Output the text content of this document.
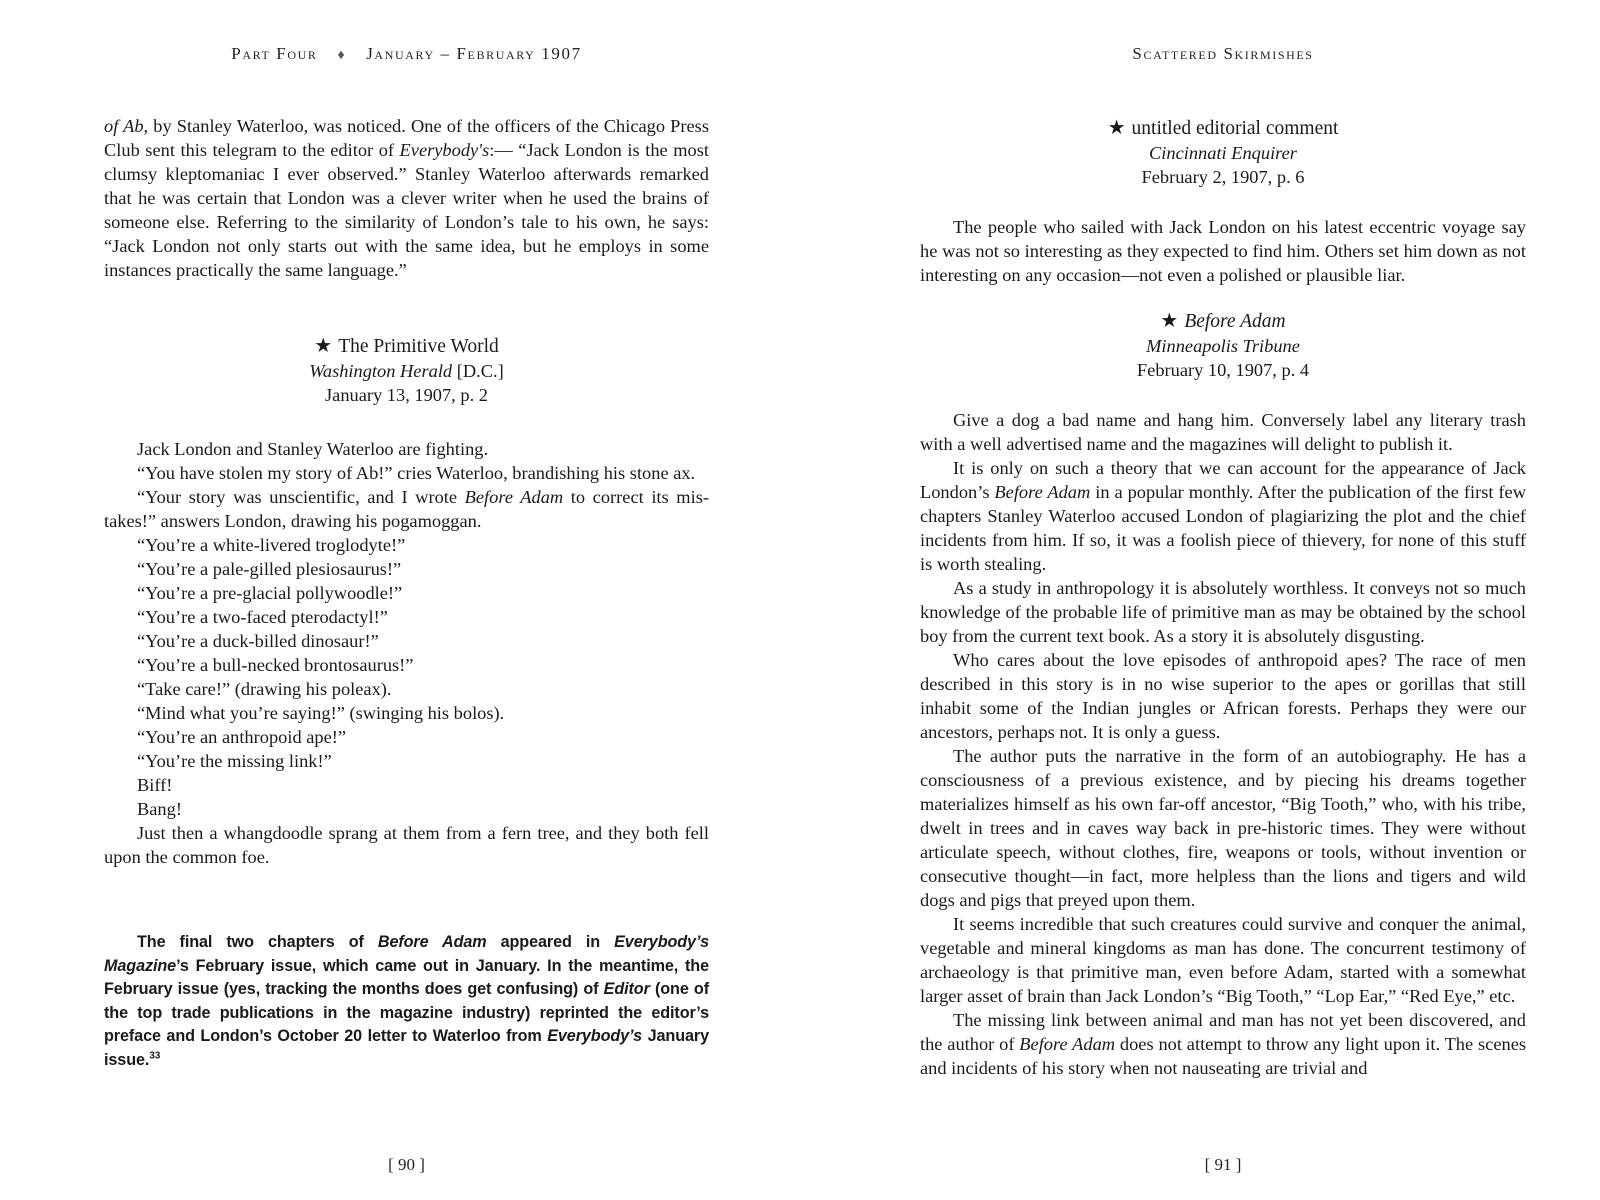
Part Four ♦ January – February 1907

of Ab, by Stanley Waterloo, was noticed. One of the officers of the Chicago Press Club sent this telegram to the editor of Everybody's:— “Jack London is the most clumsy kleptomaniac I ever observed.” Stanley Waterloo afterwards remarked that he was certain that London was a clever writer when he used the brains of someone else. Referring to the similarity of London’s tale to his own, he says: “Jack London not only starts out with the same idea, but he employs in some instances practically the same language.”

★ The Primitive World
Washington Herald [D.C.]
January 13, 1907, p. 2

Jack London and Stanley Waterloo are fighting.

“You have stolen my story of Ab!” cries Waterloo, brandishing his stone ax.

“Your story was unscientific, and I wrote Before Adam to correct its mistakes!” answers London, drawing his pogamoggan.

“You’re a white-livered troglodyte!”

“You’re a pale-gilled plesiosaurus!”

“You’re a pre-glacial pollywoodle!”

“You’re a two-faced pterodactyl!”

“You’re a duck-billed dinosaur!”

“You’re a bull-necked brontosaurus!”

“Take care!” (drawing his poleax).

“Mind what you’re saying!” (swinging his bolos).

“You’re an anthropoid ape!”

“You’re the missing link!”

Biff!

Bang!

Just then a whangdoodle sprang at them from a fern tree, and they both fell upon the common foe.

The final two chapters of Before Adam appeared in Everybody’s Magazine’s February issue, which came out in January. In the meantime, the February issue (yes, tracking the months does get confusing) of Editor (one of the top trade publications in the magazine industry) reprinted the editor’s preface and London’s October 20 letter to Waterloo from Everybody’s January issue.$^{33}$

[ 90 ]
Scattered Skirmishes
★ untitled editorial comment
Cincinnati Enquirer
February 2, 1907, p. 6

The people who sailed with Jack London on his latest eccentric voyage say he was not so interesting as they expected to find him. Others set him down as not interesting on any occasion—not even a polished or plausible liar.

★ Before Adam
Minneapolis Tribune
February 10, 1907, p. 4

Give a dog a bad name and hang him. Conversely label any literary trash with a well advertised name and the magazines will delight to publish it.

It is only on such a theory that we can account for the appearance of Jack London’s Before Adam in a popular monthly. After the publication of the first few chapters Stanley Waterloo accused London of plagiarizing the plot and the chief incidents from him. If so, it was a foolish piece of thievery, for none of this stuff is worth stealing.

As a study in anthropology it is absolutely worthless. It conveys not so much knowledge of the probable life of primitive man as may be obtained by the school boy from the current text book. As a story it is absolutely disgusting.

Who cares about the love episodes of anthropoid apes? The race of men described in this story is in no wise superior to the apes or gorillas that still inhabit some of the Indian jungles or African forests. Perhaps they were our ancestors, perhaps not. It is only a guess.

The author puts the narrative in the form of an autobiography. He has a consciousness of a previous existence, and by piecing his dreams together materializes himself as his own far-off ancestor, “Big Tooth,” who, with his tribe, dwelt in trees and in caves way back in pre-historic times. They were without articulate speech, without clothes, fire, weapons or tools, without invention or consecutive thought—in fact, more helpless than the lions and tigers and wild dogs and pigs that preyed upon them.

It seems incredible that such creatures could survive and conquer the animal, vegetable and mineral kingdoms as man has done. The concurrent testimony of archaeology is that primitive man, even before Adam, started with a somewhat larger asset of brain than Jack London’s “Big Tooth,” “Lop Ear,” “Red Eye,” etc.

The missing link between animal and man has not yet been discovered, and the author of Before Adam does not attempt to throw any light upon it. The scenes and incidents of his story when not nauseating are trivial and

[ 91 ]
